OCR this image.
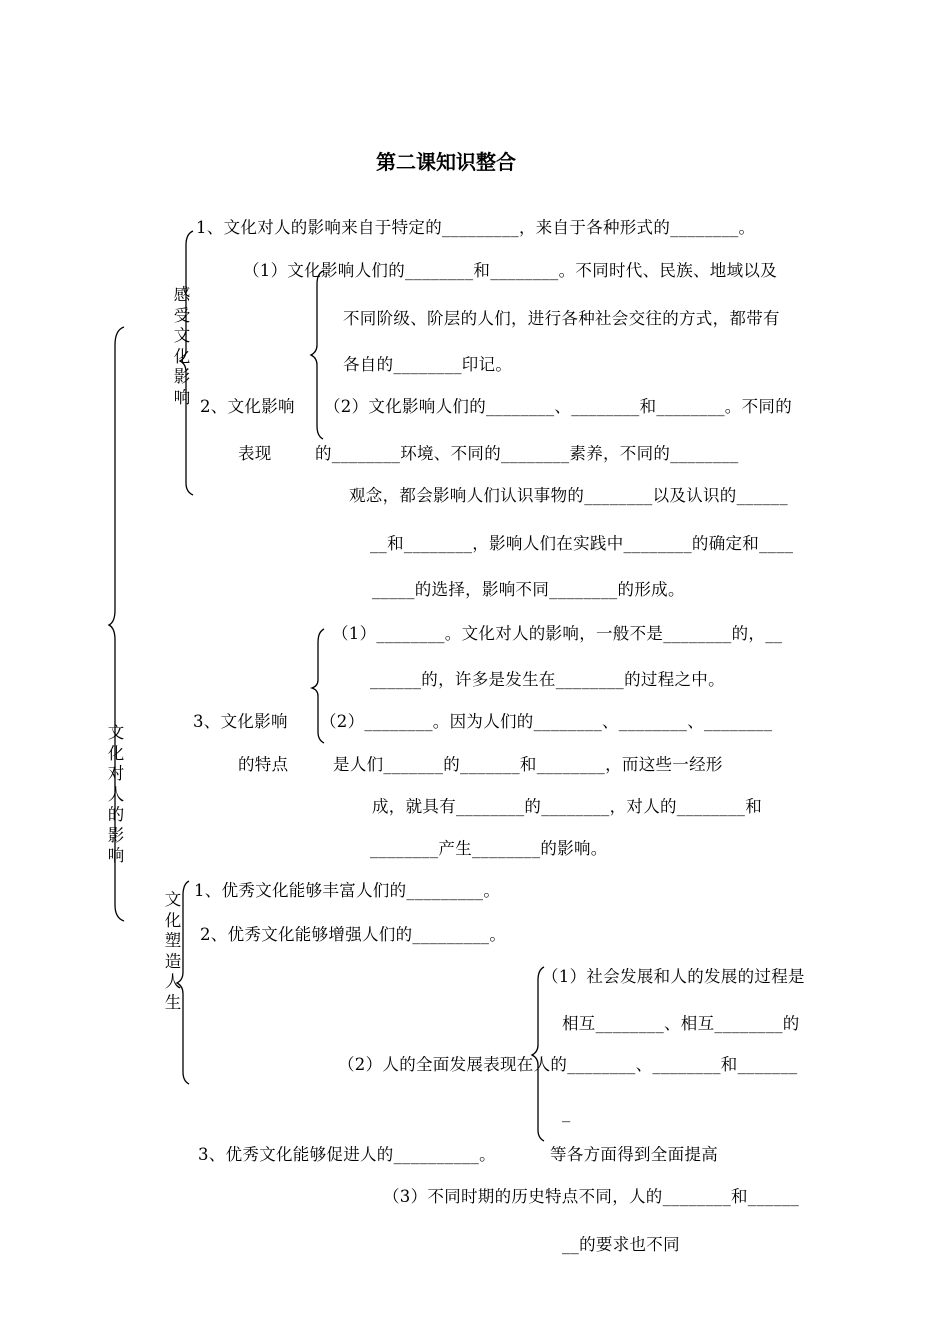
第二课知识整合
文化对人的影响
感受文化影响
文化塑造人生
1、文化对人的影响来自于特定的_________，来自于各种形式的________。
（1）文化影响人们的________和________。不同时代、民族、地域以及
不同阶级、阶层的人们，进行各种社会交往的方式，都带有
各自的________印记。
2、文化影响 （2）文化影响人们的________、________和________。不同的
表现	的________环境、不同的________素养，不同的________
观念，都会影响人们认识事物的________以及认识的______
__和________，影响人们在实践中________的确定和____
_____的选择，影响不同________的形成。
（1）________。文化对人的影响，一般不是________的，__
______的，许多是发生在________的过程之中。
3、文化影响 （2）________。因为人们的________、________、________
的特点	是人们_______的_______和________，而这些一经形
成，就具有________的________，对人的________和
________产生________的影响。
1、优秀文化能够丰富人们的_________。
2、优秀文化能够增强人们的_________。
（1）社会发展和人的发展的过程是
相互________、相互________的
（2）人的全面发展表现在人的________、________和_______
_
3、优秀文化能够促进人的__________。	等各方面得到全面提高
（3）不同时期的历史特点不同，人的________和______
__的要求也不同
